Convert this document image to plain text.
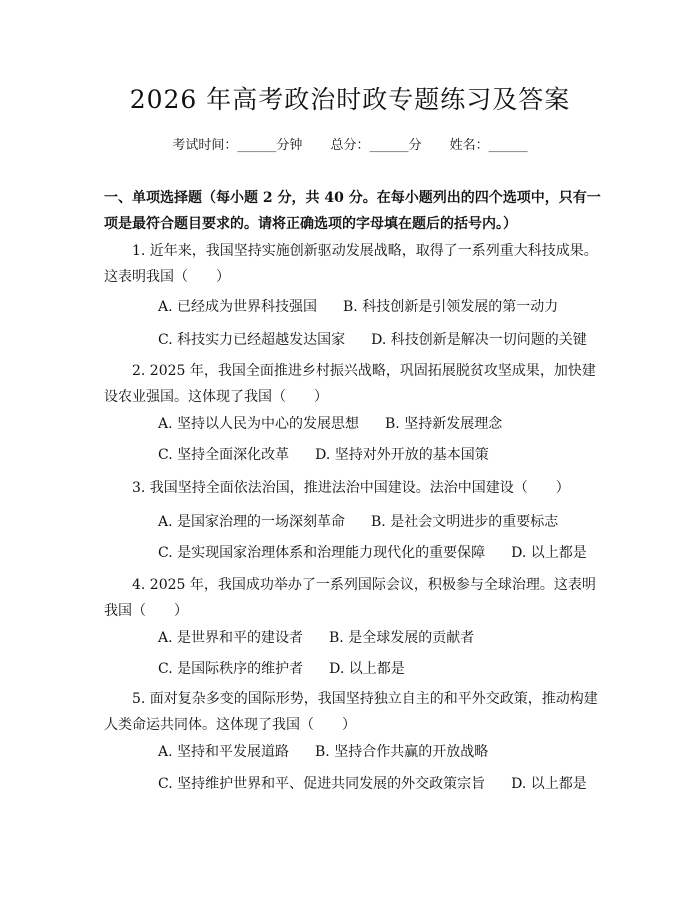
2026 年高考政治时政专题练习及答案
考试时间：______分钟 总分：______分 姓名：______
一、单项选择题（每小题 2 分，共 40 分。在每小题列出的四个选项中，只有一项是最符合题目要求的。请将正确选项的字母填在题后的括号内。）
1. 近年来，我国坚持实施创新驱动发展战略，取得了一系列重大科技成果。这表明我国（　　）
A. 已经成为世界科技强国 B. 科技创新是引领发展的第一动力
C. 科技实力已经超越发达国家 D. 科技创新是解决一切问题的关键
2. 2025 年，我国全面推进乡村振兴战略，巩固拓展脱贫攻坚成果，加快建设农业强国。这体现了我国（　　）
A. 坚持以人民为中心的发展思想 B. 坚持新发展理念
C. 坚持全面深化改革 D. 坚持对外开放的基本国策
3. 我国坚持全面依法治国，推进法治中国建设。法治中国建设（　　）
A. 是国家治理的一场深刻革命 B. 是社会文明进步的重要标志
C. 是实现国家治理体系和治理能力现代化的重要保障 D. 以上都是
4. 2025 年，我国成功举办了一系列国际会议，积极参与全球治理。这表明我国（　　）
A. 是世界和平的建设者 B. 是全球发展的贡献者
C. 是国际秩序的维护者 D. 以上都是
5. 面对复杂多变的国际形势，我国坚持独立自主的和平外交政策，推动构建人类命运共同体。这体现了我国（　　）
A. 坚持和平发展道路 B. 坚持合作共赢的开放战略
C. 坚持维护世界和平、促进共同发展的外交政策宗旨 D. 以上都是
